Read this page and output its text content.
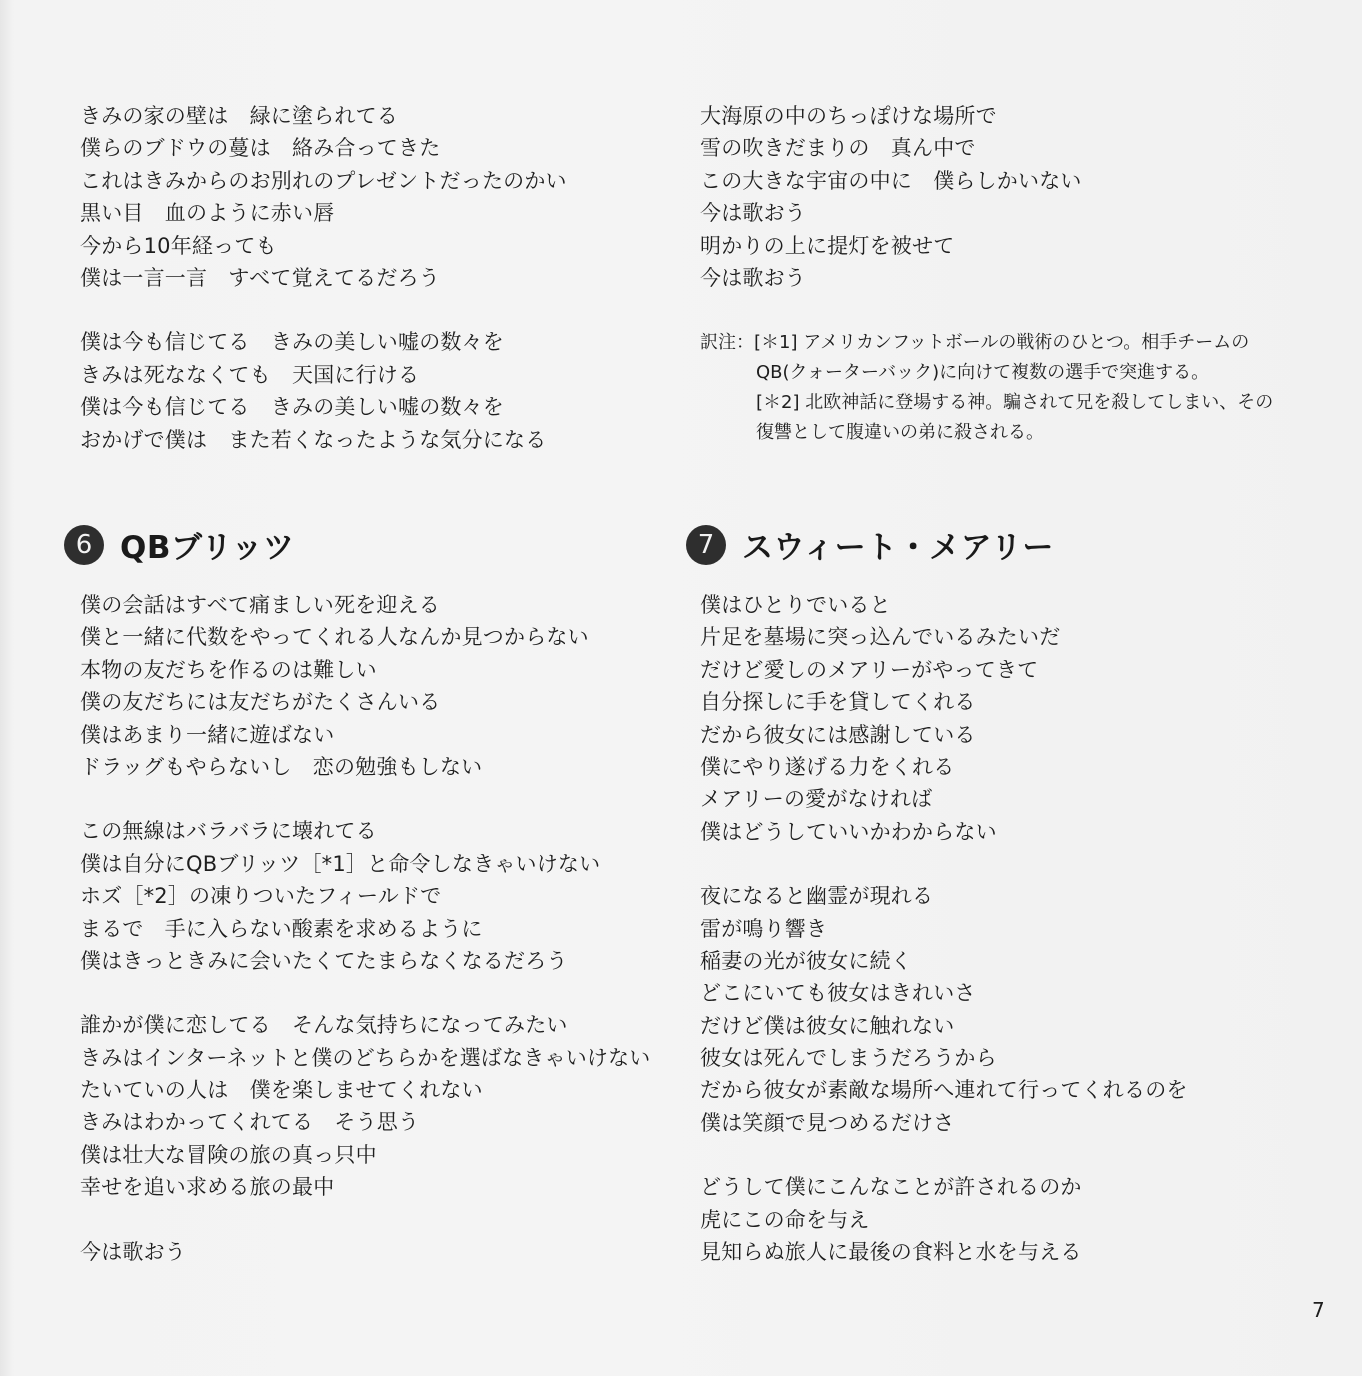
きみの家の壁は　緑に塗られてる
僕らのブドウの蔓は　絡み合ってきた
これはきみからのお別れのプレゼントだったのかい
黒い目　血のように赤い唇
今から10年経っても
僕は一言一言　すべて覚えてるだろう
僕は今も信じてる　きみの美しい嘘の数々を
きみは死ななくても　天国に行ける
僕は今も信じてる　きみの美しい嘘の数々を
おかげで僕は　また若くなったような気分になる
大海原の中のちっぽけな場所で
雪の吹きだまりの　真ん中で
この大きな宇宙の中に　僕らしかいない
今は歌おう
明かりの上に提灯を被せて
今は歌おう
訳注： [＊1] アメリカンフットボールの戦術のひとつ。相手チームの
QB(クォーターバック)に向けて複数の選手で突進する。
[＊2] 北欧神話に登場する神。騙されて兄を殺してしまい、その復讐として腹違いの弟に殺される。
6 QBブリッツ	7 スウィート・メアリー
僕の会話はすべて痛ましい死を迎える
僕と一緒に代数をやってくれる人なんか見つからない
本物の友だちを作るのは難しい
僕の友だちには友だちがたくさんいる
僕はあまり一緒に遊ばない
ドラッグもやらないし　恋の勉強もしない
この無線はバラバラに壊れてる
僕は自分にQBブリッツ［*1］と命令しなきゃいけない
ホズ［*2］の凍りついたフィールドで
まるで　手に入らない酸素を求めるように
僕はきっときみに会いたくてたまらなくなるだろう
誰かが僕に恋してる　そんな気持ちになってみたい
きみはインターネットと僕のどちらかを選ばなきゃいけない
たいていの人は　僕を楽しませてくれない
きみはわかってくれてる　そう思う
僕は壮大な冒険の旅の真っ只中
幸せを追い求める旅の最中
今は歌おう
僕はひとりでいると
片足を墓場に突っ込んでいるみたいだ
だけど愛しのメアリーがやってきて
自分探しに手を貸してくれる
だから彼女には感謝している
僕にやり遂げる力をくれる
メアリーの愛がなければ
僕はどうしていいかわからない
夜になると幽霊が現れる
雷が鳴り響き
稲妻の光が彼女に続く
どこにいても彼女はきれいさ
だけど僕は彼女に触れない
彼女は死んでしまうだろうから
だから彼女が素敵な場所へ連れて行ってくれるのを
僕は笑顔で見つめるだけさ
どうして僕にこんなことが許されるのか
虎にこの命を与え
見知らぬ旅人に最後の食料と水を与える
7
